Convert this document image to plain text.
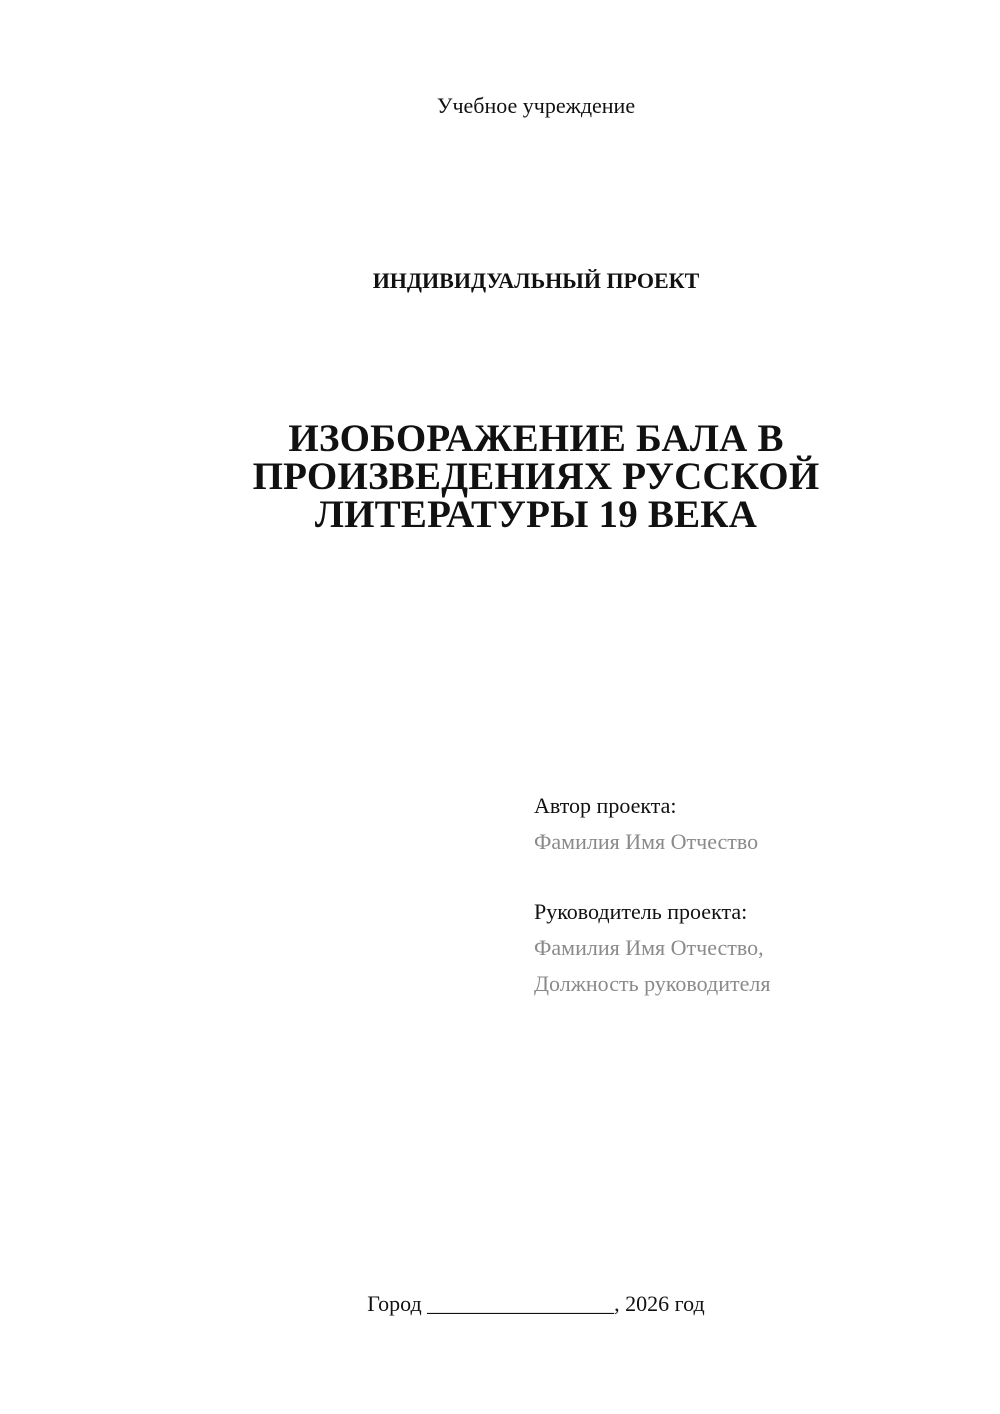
Учебное учреждение
ИНДИВИДУАЛЬНЫЙ ПРОЕКТ
ИЗОБОРАЖЕНИЕ БАЛА В
ПРОИЗВЕДЕНИЯХ РУССКОЙ
ЛИТЕРАТУРЫ 19 ВЕКА
Автор проекта:
Фамилия Имя Отчество
Руководитель проекта:
Фамилия Имя Отчество,
Должность руководителя
Город _________________, 2026 год
